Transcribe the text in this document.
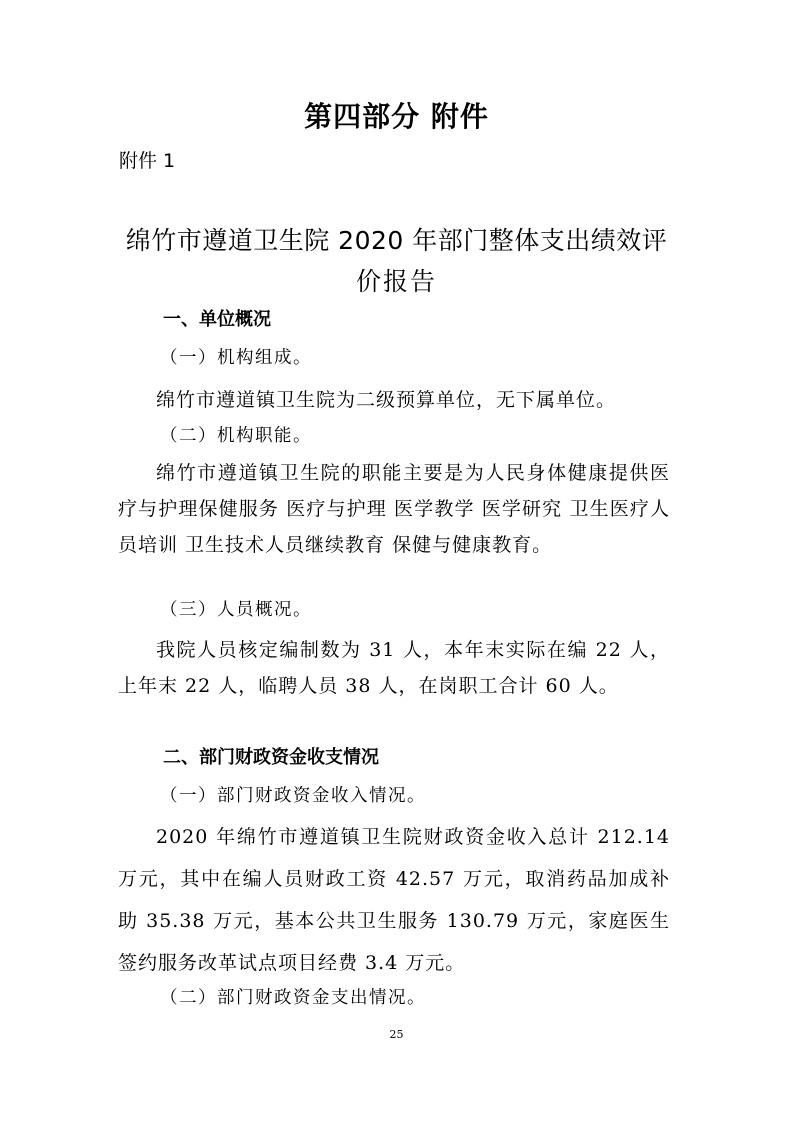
第四部分 附件
附件 1
绵竹市遵道卫生院 2020 年部门整体支出绩效评
价报告
一、单位概况
（一）机构组成。

绵竹市遵道镇卫生院为二级预算单位，无下属单位。

（二）机构职能。

绵竹市遵道镇卫生院的职能主要是为人民身体健康提供医疗与护理保健服务 医疗与护理 医学教学 医学研究 卫生医疗人员培训 卫生技术人员继续教育 保健与健康教育。

（三）人员概况。

我院人员核定编制数为 31 人，本年末实际在编 22 人，上年末 22 人，临聘人员 38 人，在岗职工合计 60 人。

二、部门财政资金收支情况
（一）部门财政资金收入情况。

2020 年绵竹市遵道镇卫生院财政资金收入总计 212.14 万元，其中在编人员财政工资 42.57 万元，取消药品加成补助 35.38 万元，基本公共卫生服务 130.79 万元，家庭医生签约服务改革试点项目经费 3.4 万元。

（二）部门财政资金支出情况。
25
